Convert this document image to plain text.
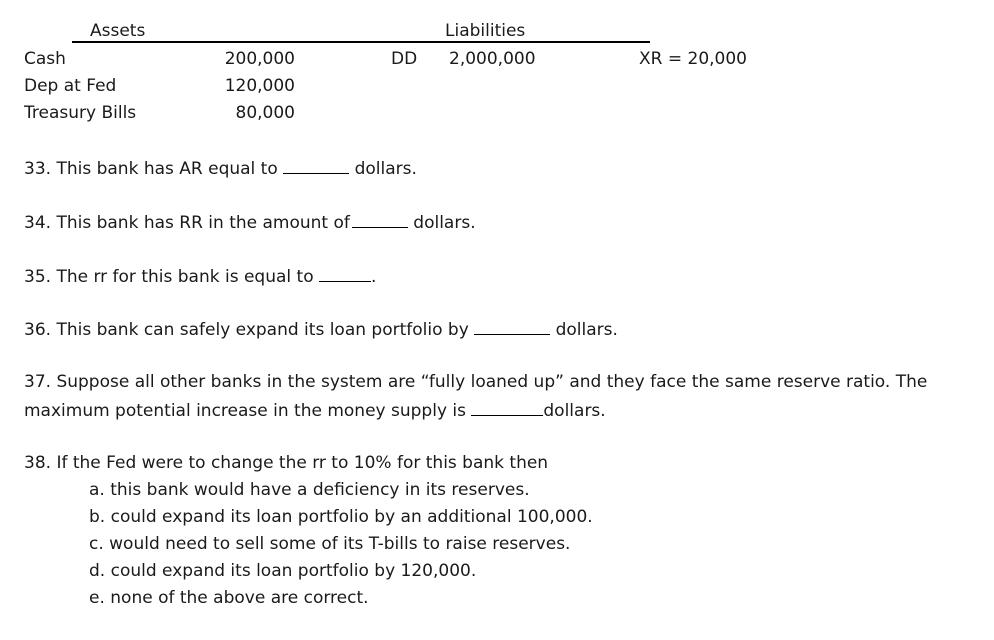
Assets	Liabilities
Cash	200,000
Dep at Fed	120,000
Treasury Bills	80,000
DD 2,000,000	XR = 20,000
33. This bank has AR equal to	dollars.
34. This bank has RR in the amount of	dollars.
35. The rr for this bank is equal to	.
36. This bank can safely expand its loan portfolio by	dollars.
37. Suppose all other banks in the system are “fully loaned up” and they face the same reserve ratio. The
maximum potential increase in the money supply is	dollars.
38. If the Fed were to change the rr to 10% for this bank then
a. this bank would have a deficiency in its reserves.
b. could expand its loan portfolio by an additional 100,000.
c. would need to sell some of its T-bills to raise reserves.
d. could expand its loan portfolio by 120,000.
e. none of the above are correct.
